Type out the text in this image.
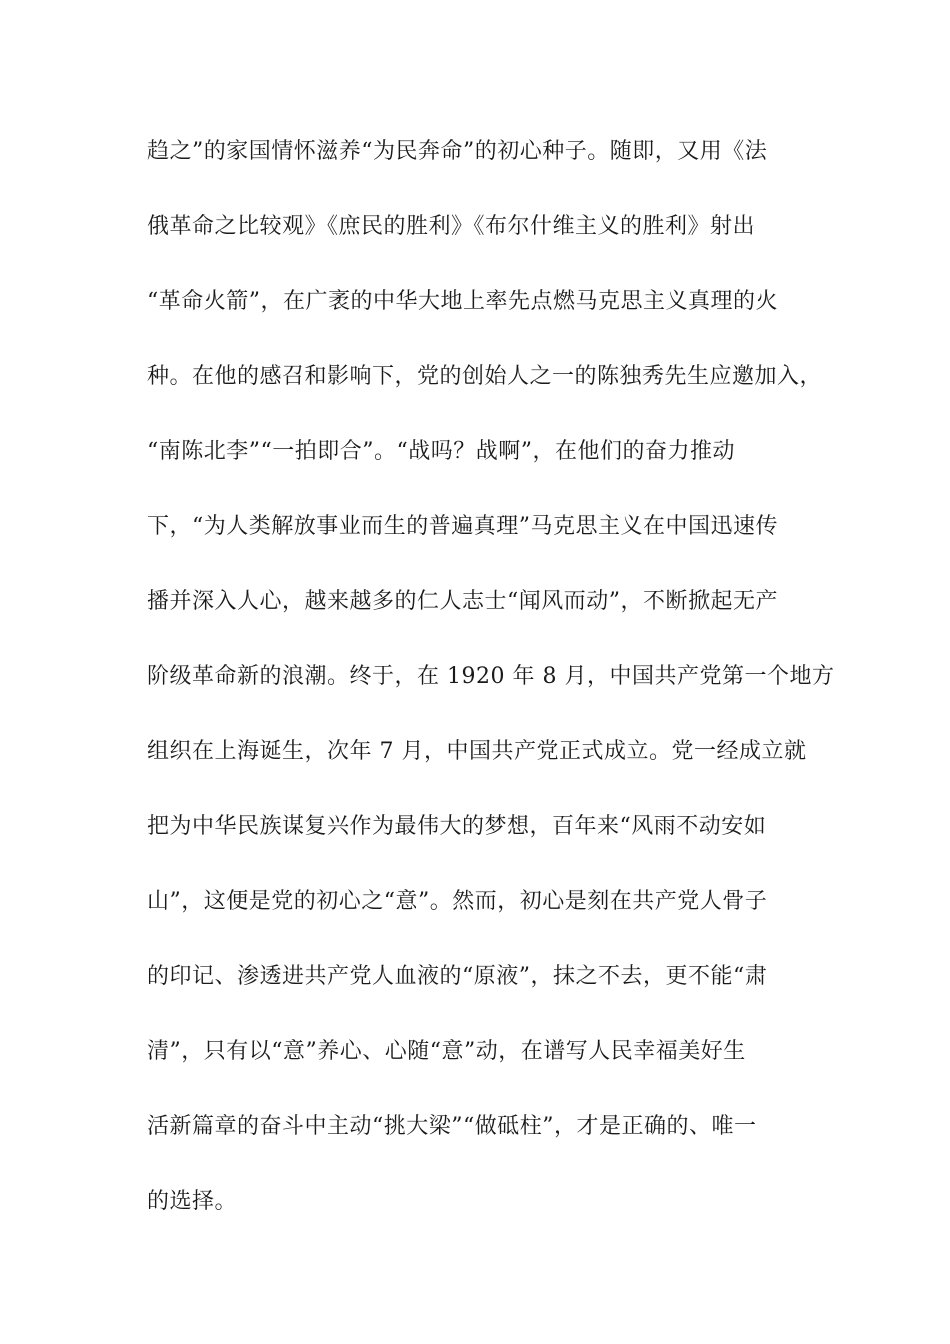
趋之”的家国情怀滋养“为民奔命”的初心种子。随即，又用《法
俄革命之比较观》《庶民的胜利》《布尔什维主义的胜利》射出
“革命火箭”，在广袤的中华大地上率先点燃马克思主义真理的火
种。在他的感召和影响下，党的创始人之一的陈独秀先生应邀加入，
“南陈北李”“一拍即合”。“战吗？战啊”，在他们的奋力推动
下，“为人类解放事业而生的普遍真理”马克思主义在中国迅速传
播并深入人心，越来越多的仁人志士“闻风而动”，不断掀起无产
阶级革命新的浪潮。终于，在 1920 年 8 月，中国共产党第一个地方
组织在上海诞生，次年 7 月，中国共产党正式成立。党一经成立就
把为中华民族谋复兴作为最伟大的梦想，百年来“风雨不动安如
山”，这便是党的初心之“意”。然而，初心是刻在共产党人骨子
的印记、渗透进共产党人血液的“原液”，抹之不去，更不能“肃
清”，只有以“意”养心、心随“意”动，在谱写人民幸福美好生
活新篇章的奋斗中主动“挑大梁”“做砥柱”，才是正确的、唯一
的选择。
